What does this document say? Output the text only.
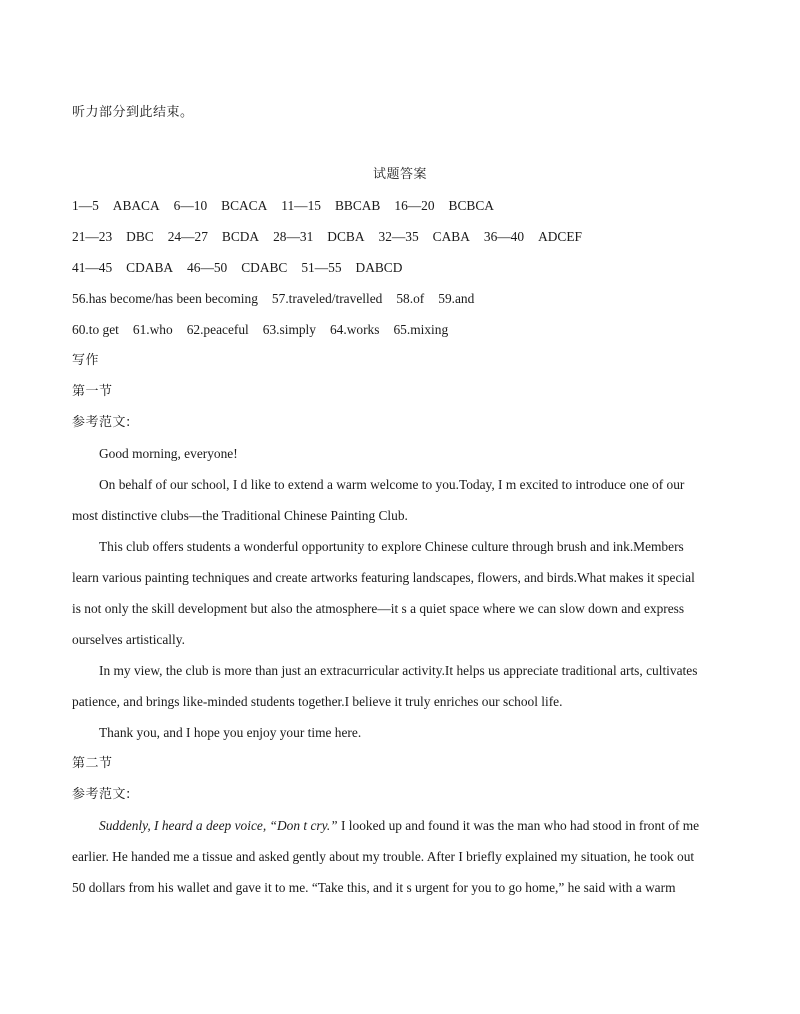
听力部分到此结束。
试题答案
1—5 ABACA 6—10 BCACA 11—15 BBCAB 16—20 BCBCA
21—23 DBC 24—27 BCDA 28—31 DCBA 32—35 CABA 36—40 ADCEF
41—45 CDABA 46—50 CDABC 51—55 DABCD
56.has become/has been becoming 57.traveled/travelled 58.of 59.and
60.to get 61.who 62.peaceful 63.simply 64.works 65.mixing
写作
第一节
参考范文:
Good morning, everyone!
On behalf of our school, I d like to extend a warm welcome to you.Today, I m excited to introduce one of our
most distinctive clubs—the Traditional Chinese Painting Club.
This club offers students a wonderful opportunity to explore Chinese culture through brush and ink.Members
learn various painting techniques and create artworks featuring landscapes, flowers, and birds.What makes it special
is not only the skill development but also the atmosphere—it s a quiet space where we can slow down and express
ourselves artistically.
In my view, the club is more than just an extracurricular activity.It helps us appreciate traditional arts, cultivates
patience, and brings like-minded students together.I believe it truly enriches our school life.
Thank you, and I hope you enjoy your time here.
第二节
参考范文:
Suddenly, I heard a deep voice, “Don t cry.” I looked up and found it was the man who had stood in front of me
earlier. He handed me a tissue and asked gently about my trouble. After I briefly explained my situation, he took out
50 dollars from his wallet and gave it to me. “Take this, and it s urgent for you to go home,” he said with a warm
